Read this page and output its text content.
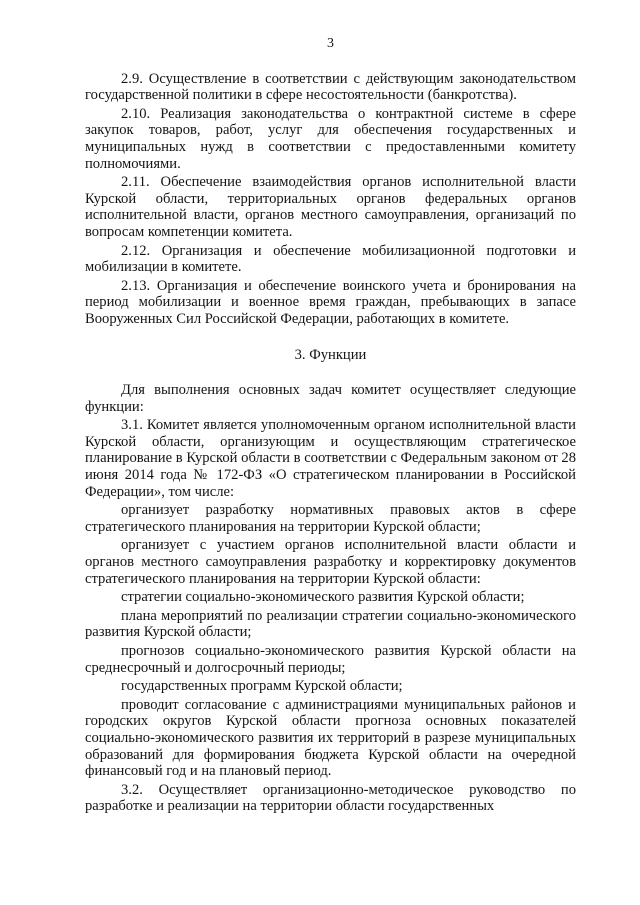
3

2.9. Осуществление в соответствии с действующим законодательством государственной политики в сфере несостоятельности (банкротства).

2.10. Реализация законодательства о контрактной системе в сфере закупок товаров, работ, услуг для обеспечения государственных и муниципальных нужд в соответствии с предоставленными комитету полномочиями.

2.11. Обеспечение взаимодействия органов исполнительной власти Курской области, территориальных органов федеральных органов исполнительной власти, органов местного самоуправления, организаций по вопросам компетенции комитета.

2.12. Организация и обеспечение мобилизационной подготовки и мобилизации в комитете.

2.13. Организация и обеспечение воинского учета и бронирования на период мобилизации и военное время граждан, пребывающих в запасе Вооруженных Сил Российской Федерации, работающих в комитете.

3. Функции

Для выполнения основных задач комитет осуществляет следующие функции:

3.1. Комитет является уполномоченным органом исполнительной власти Курской области, организующим и осуществляющим стратегическое планирование в Курской области в соответствии с Федеральным законом от 28 июня 2014 года № 172-ФЗ «О стратегическом планировании в Российской Федерации», том числе:

организует разработку нормативных правовых актов в сфере стратегического планирования на территории Курской области;

организует с участием органов исполнительной власти области и органов местного самоуправления разработку и корректировку документов стратегического планирования на территории Курской области:

стратегии социально-экономического развития Курской области;

плана мероприятий по реализации стратегии социально-экономического развития Курской области;

прогнозов социально-экономического развития Курской области на среднесрочный и долгосрочный периоды;

государственных программ Курской области;

проводит согласование с администрациями муниципальных районов и городских округов Курской области прогноза основных показателей социально-экономического развития их территорий в разрезе муниципальных образований для формирования бюджета Курской области на очередной финансовый год и на плановый период.

3.2. Осуществляет организационно-методическое руководство по разработке и реализации на территории области государственных
